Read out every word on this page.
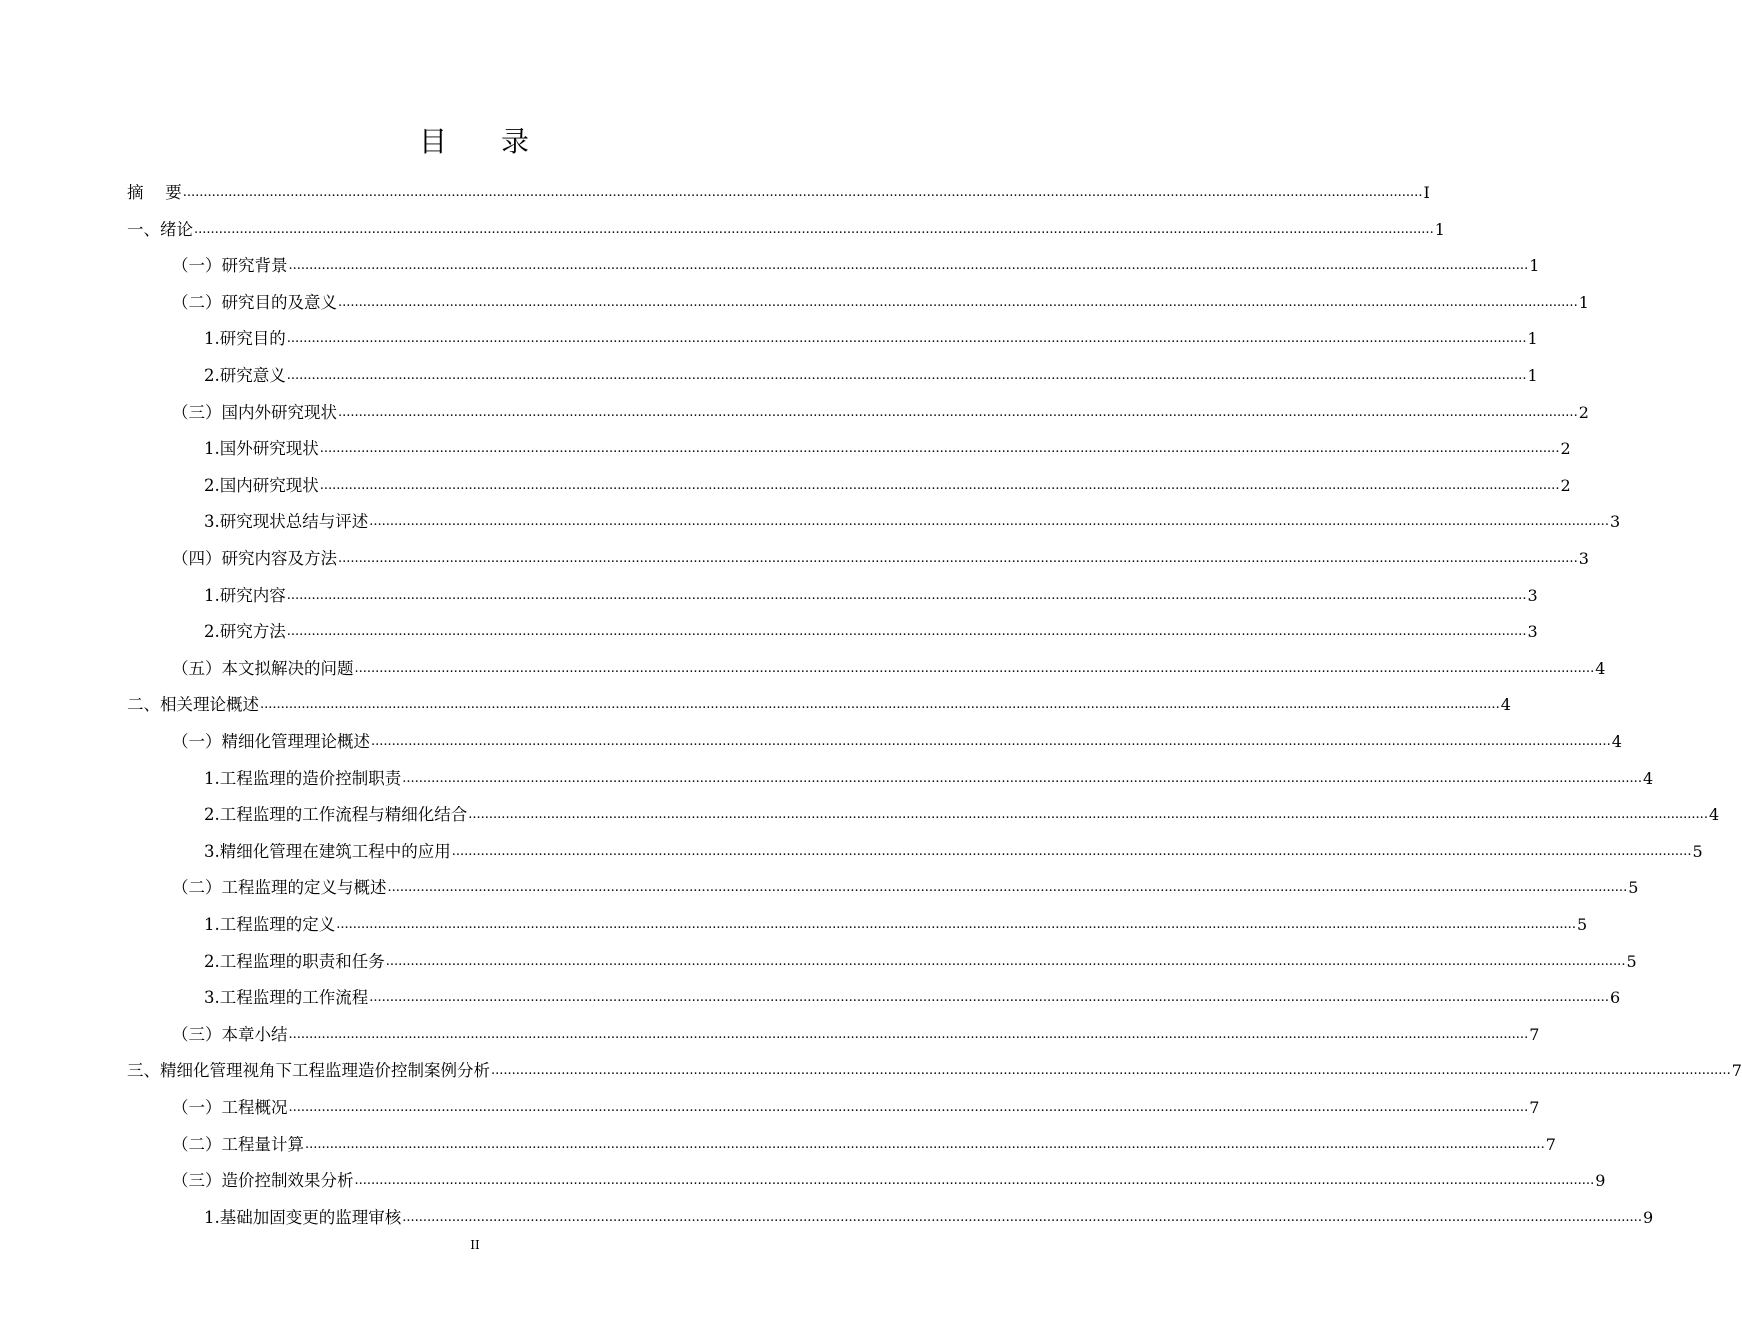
目 录
摘　 要 ............................................................................................................................................................................................................................................................................................................ I
一、 绪论 ............................................................................................................................................................................................................................................................................................................ 1
（一） 研究背景 ............................................................................................................................................................................................................................................................................................................ 1
（二） 研究目的及意义 ............................................................................................................................................................................................................................................................................................................ 1
1. 研究目的 ............................................................................................................................................................................................................................................................................................................ 1
2. 研究意义 ............................................................................................................................................................................................................................................................................................................ 1
（三） 国内外研究现状 ............................................................................................................................................................................................................................................................................................................ 2
1. 国外研究现状 ............................................................................................................................................................................................................................................................................................................ 2
2. 国内研究现状 ............................................................................................................................................................................................................................................................................................................ 2
3. 研究现状总结与评述 ............................................................................................................................................................................................................................................................................................................ 3
（四） 研究内容及方法 ............................................................................................................................................................................................................................................................................................................ 3
1. 研究内容 ............................................................................................................................................................................................................................................................................................................ 3
2. 研究方法 ............................................................................................................................................................................................................................................................................................................ 3
（五） 本文拟解决的问题 ............................................................................................................................................................................................................................................................................................................ 4
二、 相关理论概述 ............................................................................................................................................................................................................................................................................................................ 4
（一） 精细化管理理论概述 ............................................................................................................................................................................................................................................................................................................ 4
1. 工程监理的造价控制职责 ............................................................................................................................................................................................................................................................................................................ 4
2. 工程监理的工作流程与精细化结合 ............................................................................................................................................................................................................................................................................................................ 4
3. 精细化管理在建筑工程中的应用 ............................................................................................................................................................................................................................................................................................................ 5
（二） 工程监理的定义与概述 ............................................................................................................................................................................................................................................................................................................ 5
1. 工程监理的定义 ............................................................................................................................................................................................................................................................................................................ 5
2. 工程监理的职责和任务 ............................................................................................................................................................................................................................................................................................................ 5
3. 工程监理的工作流程 ............................................................................................................................................................................................................................................................................................................ 6
（三） 本章小结 ............................................................................................................................................................................................................................................................................................................ 7
三、 精细化管理视角下工程监理造价控制案例分析 ............................................................................................................................................................................................................................................................................................................ 7
（一） 工程概况 ............................................................................................................................................................................................................................................................................................................ 7
（二） 工程量计算 ............................................................................................................................................................................................................................................................................................................ 7
（三） 造价控制效果分析 ............................................................................................................................................................................................................................................................................................................ 9
1. 基础加固变更的监理审核 ............................................................................................................................................................................................................................................................................................................ 9
II
